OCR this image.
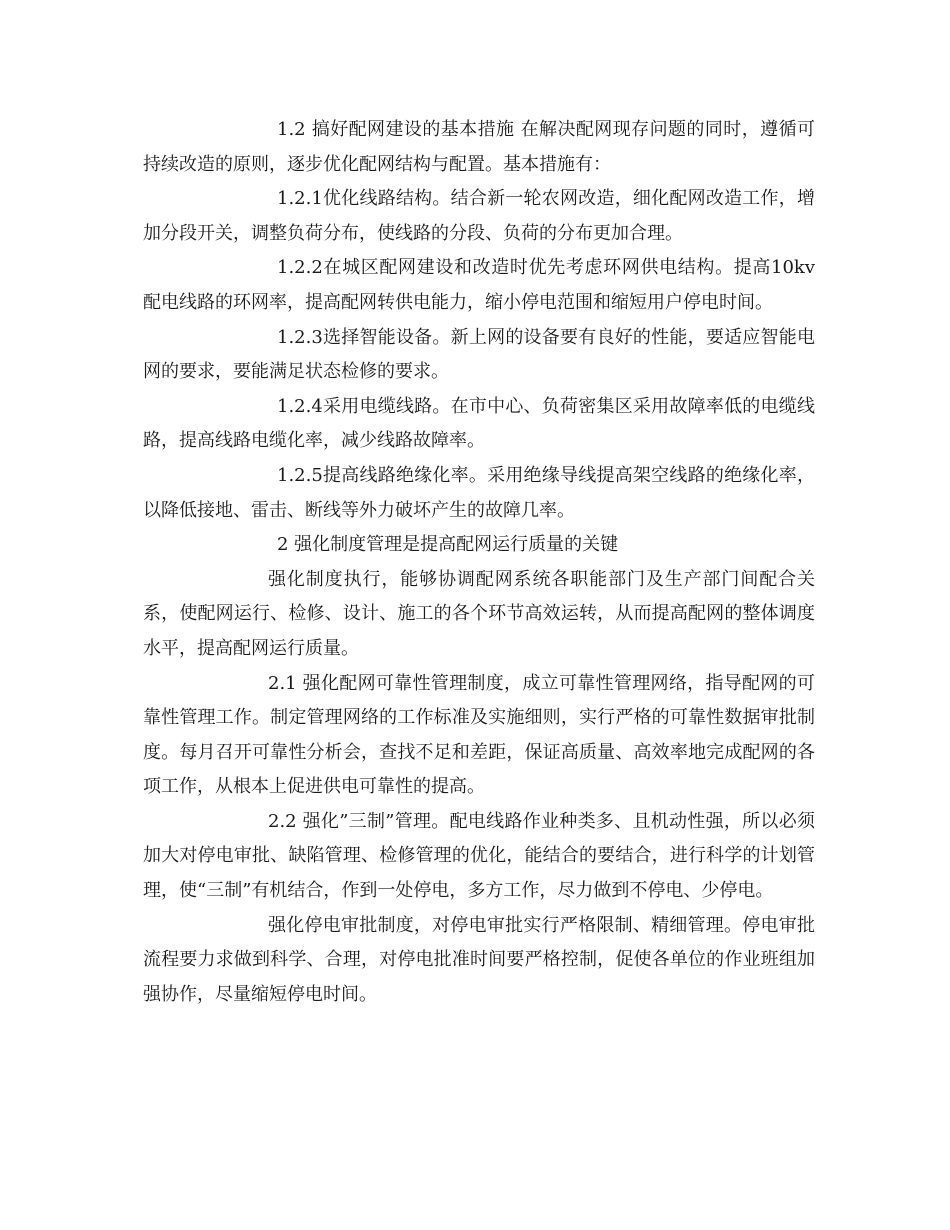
1.2 搞好配网建设的基本措施 在解决配网现存问题的同时，遵循可持续改造的原则，逐步优化配网结构与配置。基本措施有：

1.2.1优化线路结构。结合新一轮农网改造，细化配网改造工作，增加分段开关，调整负荷分布，使线路的分段、负荷的分布更加合理。

1.2.2在城区配网建设和改造时优先考虑环网供电结构。提高10kv配电线路的环网率，提高配网转供电能力，缩小停电范围和缩短用户停电时间。

1.2.3选择智能设备。新上网的设备要有良好的性能，要适应智能电网的要求，要能满足状态检修的要求。

1.2.4采用电缆线路。在市中心、负荷密集区采用故障率低的电缆线路，提高线路电缆化率，减少线路故障率。

1.2.5提高线路绝缘化率。采用绝缘导线提高架空线路的绝缘化率，以降低接地、雷击、断线等外力破坏产生的故障几率。

2 强化制度管理是提高配网运行质量的关键

强化制度执行，能够协调配网系统各职能部门及生产部门间配合关系，使配网运行、检修、设计、施工的各个环节高效运转，从而提高配网的整体调度水平，提高配网运行质量。

2.1 强化配网可靠性管理制度，成立可靠性管理网络，指导配网的可靠性管理工作。制定管理网络的工作标准及实施细则，实行严格的可靠性数据审批制度。每月召开可靠性分析会，查找不足和差距，保证高质量、高效率地完成配网的各项工作，从根本上促进供电可靠性的提高。

2.2 强化”三制”管理。配电线路作业种类多、且机动性强，所以必须加大对停电审批、缺陷管理、检修管理的优化，能结合的要结合，进行科学的计划管理，使“三制”有机结合，作到一处停电，多方工作，尽力做到不停电、少停电。

强化停电审批制度，对停电审批实行严格限制、精细管理。停电审批流程要力求做到科学、合理，对停电批准时间要严格控制，促使各单位的作业班组加强协作，尽量缩短停电时间。
